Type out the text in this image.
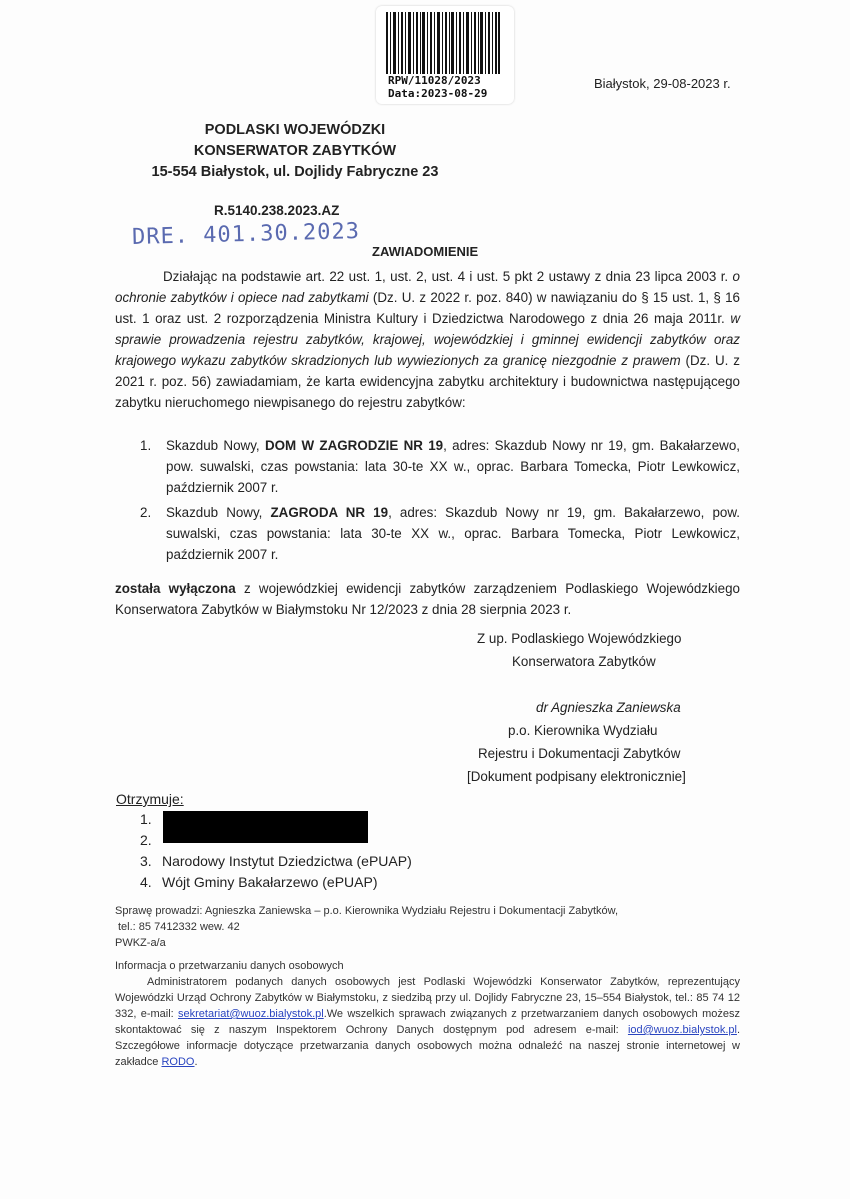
RPW/11028/2023
Data:2023-08-29
Białystok, 29-08-2023 r.
PODLASKI WOJEWÓDZKI
KONSERWATOR ZABYTKÓW
15-554 Białystok, ul. Dojlidy Fabryczne 23
R.5140.238.2023.AZ
DRE. 401.30.2023
ZAWIADOMIENIE

Działając na podstawie art. 22 ust. 1, ust. 2, ust. 4 i ust. 5 pkt 2 ustawy z dnia 23 lipca 2003 r. o ochronie zabytków i opiece nad zabytkami (Dz. U. z 2022 r. poz. 840) w nawiązaniu do § 15 ust. 1, § 16 ust. 1 oraz ust. 2 rozporządzenia Ministra Kultury i Dziedzictwa Narodowego z dnia 26 maja 2011r. w sprawie prowadzenia rejestru zabytków, krajowej, wojewódzkiej i gminnej ewidencji zabytków oraz krajowego wykazu zabytków skradzionych lub wywiezionych za granicę niezgodnie z prawem (Dz. U. z 2021 r. poz. 56) zawiadamiam, że karta ewidencyjna zabytku architektury i budownictwa następującego zabytku nieruchomego niewpisanego do rejestru zabytków:

1.	Skazdub Nowy, DOM W ZAGRODZIE NR 19, adres: Skazdub Nowy nr 19, gm. Bakałarzewo, pow. suwalski, czas powstania: lata 30-te XX w., oprac. Barbara Tomecka, Piotr Lewkowicz, październik 2007 r.
2.	Skazdub Nowy, ZAGRODA NR 19, adres: Skazdub Nowy nr 19, gm. Bakałarzewo, pow. suwalski, czas powstania: lata 30-te XX w., oprac. Barbara Tomecka, Piotr Lewkowicz, październik 2007 r.
została wyłączona z wojewódzkiej ewidencji zabytków zarządzeniem Podlaskiego Wojewódzkiego Konserwatora Zabytków w Białymstoku Nr 12/2023 z dnia 28 sierpnia 2023 r.
Z up. Podlaskiego Wojewódzkiego
Konserwatora Zabytków
dr Agnieszka Zaniewska
p.o. Kierownika Wydziału
Rejestru i Dokumentacji Zabytków
[Dokument podpisany elektronicznie]
Otrzymuje:
1.
2.
3. Narodowy Instytut Dziedzictwa (ePUAP)
4. Wójt Gminy Bakałarzewo (ePUAP)

Sprawę prowadzi: Agnieszka Zaniewska – p.o. Kierownika Wydziału Rejestru i Dokumentacji Zabytków,

tel.: 85 7412332 wew. 42

PWKZ-a/a

Informacja o przetwarzaniu danych osobowych

Administratorem podanych danych osobowych jest Podlaski Wojewódzki Konserwator Zabytków, reprezentujący Wojewódzki Urząd Ochrony Zabytków w Białymstoku, z siedzibą przy ul. Dojlidy Fabryczne 23, 15–554 Białystok, tel.: 85 74 12 332, e-mail: sekretariat@wuoz.bialystok.pl.We wszelkich sprawach związanych z przetwarzaniem danych osobowych możesz skontaktować się z naszym Inspektorem Ochrony Danych dostępnym pod adresem e-mail: iod@wuoz.bialystok.pl. Szczegółowe informacje dotyczące przetwarzania danych osobowych można odnaleźć na naszej stronie internetowej w zakładce RODO.
